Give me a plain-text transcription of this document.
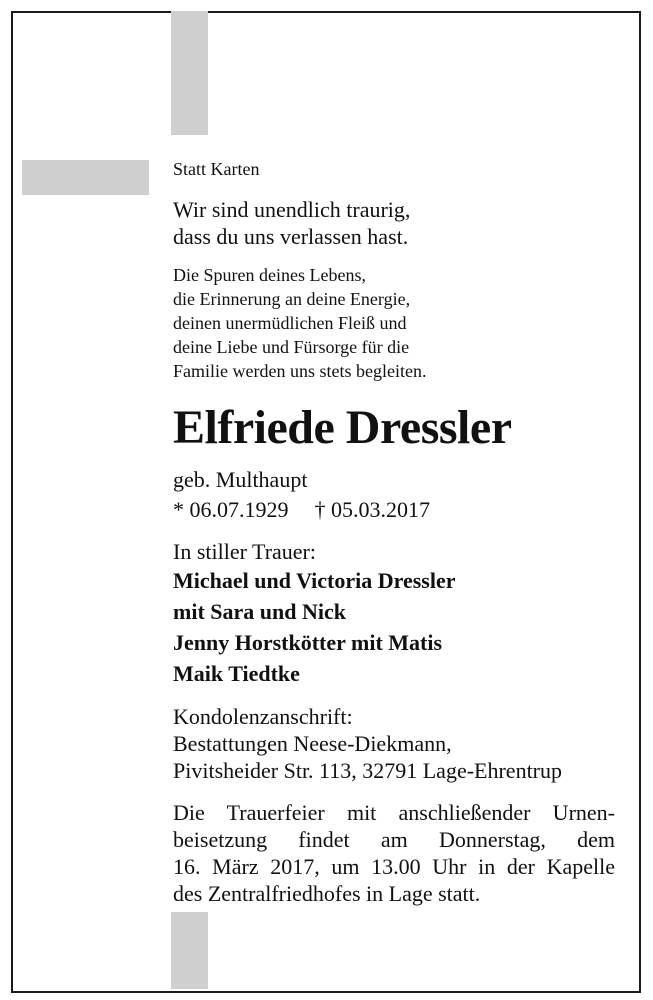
Statt Karten
Wir sind unendlich traurig,
dass du uns verlassen hast.
Die Spuren deines Lebens,
die Erinnerung an deine Energie,
deinen unermüdlichen Fleiß und
deine Liebe und Fürsorge für die
Familie werden uns stets begleiten.
Elfriede Dressler
geb. Multhaupt
* 06.07.1929 † 05.03.2017
In stiller Trauer:
Michael und Victoria Dressler
mit Sara und Nick
Jenny Horstkötter mit Matis
Maik Tiedtke
Kondolenzanschrift:
Bestattungen Neese-Diekmann,
Pivitsheider Str. 113, 32791 Lage-Ehrentrup
Die Trauerfeier mit anschließender Urnen-
beisetzung findet am Donnerstag, dem
16. März 2017, um 13.00 Uhr in der Kapelle
des Zentralfriedhofes in Lage statt.
